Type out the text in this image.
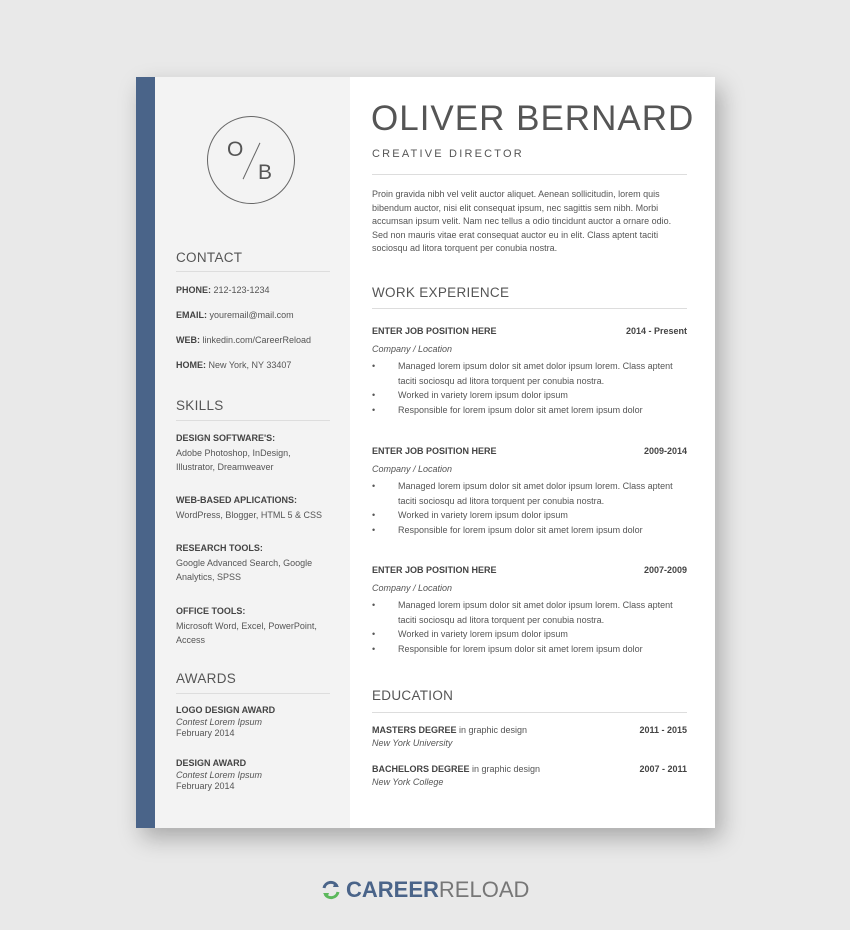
O
B
CONTACT
PHONE: 212-123-1234
EMAIL: youremail@mail.com
WEB: linkedin.com/CareerReload
HOME: New York, NY 33407
SKILLS
DESIGN SOFTWARE'S:
Adobe Photoshop, InDesign, Illustrator, Dreamweaver
WEB-BASED APLICATIONS:
WordPress, Blogger, HTML 5 & CSS
RESEARCH TOOLS:
Google Advanced Search, Google Analytics, SPSS
OFFICE TOOLS:
Microsoft Word, Excel, PowerPoint, Access
AWARDS
LOGO DESIGN AWARD
Contest Lorem Ipsum
February 2014
DESIGN AWARD
Contest Lorem Ipsum
February 2014
OLIVER BERNARD
CREATIVE DIRECTOR
Proin gravida nibh vel velit auctor aliquet. Aenean sollicitudin, lorem quis bibendum auctor, nisi elit consequat ipsum, nec sagittis sem nibh. Morbi accumsan ipsum velit. Nam nec tellus a odio tincidunt auctor a ornare odio. Sed non mauris vitae erat consequat auctor eu in elit. Class aptent taciti sociosqu ad litora torquent per conubia nostra.
WORK EXPERIENCE
ENTER JOB POSITION HERE	2014 - Present
Company / Location
• Managed lorem ipsum dolor sit amet dolor ipsum lorem. Class aptent taciti sociosqu ad litora torquent per conubia nostra.
• Worked in variety lorem ipsum dolor ipsum
• Responsible for lorem ipsum dolor sit amet lorem ipsum dolor
ENTER JOB POSITION HERE	2009-2014
Company / Location
• Managed lorem ipsum dolor sit amet dolor ipsum lorem. Class aptent taciti sociosqu ad litora torquent per conubia nostra.
• Worked in variety lorem ipsum dolor ipsum
• Responsible for lorem ipsum dolor sit amet lorem ipsum dolor
ENTER JOB POSITION HERE	2007-2009
Company / Location
• Managed lorem ipsum dolor sit amet dolor ipsum lorem. Class aptent taciti sociosqu ad litora torquent per conubia nostra.
• Worked in variety lorem ipsum dolor ipsum
• Responsible for lorem ipsum dolor sit amet lorem ipsum dolor
EDUCATION
MASTERS DEGREE in graphic design	2011 - 2015
New York University
BACHELORS DEGREE in graphic design	2007 - 2011
New York College
CAREERRELOAD
